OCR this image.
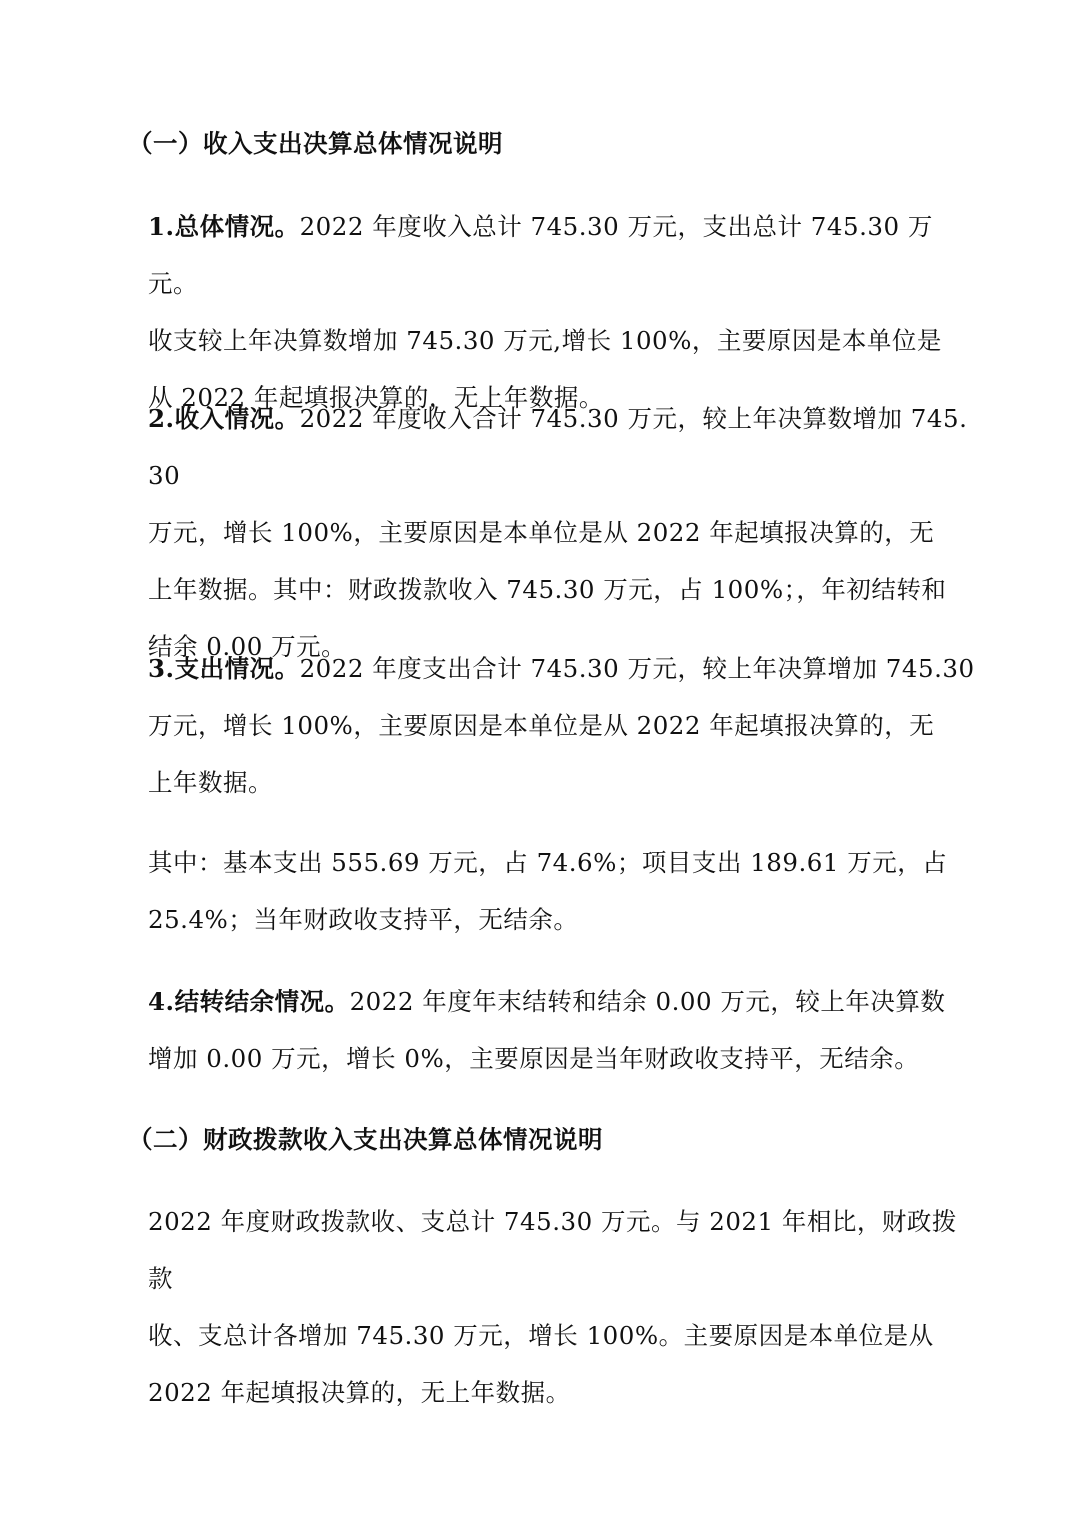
（一）收入支出决算总体情况说明

1.总体情况。2022 年度收入总计 745.30 万元，支出总计 745.30 万元。
收支较上年决算数增加 745.30 万元,增长 100%，主要原因是本单位是
从 2022 年起填报决算的，无上年数据。

2.收入情况。2022 年度收入合计 745.30 万元，较上年决算数增加 745.30
万元，增长 100%，主要原因是本单位是从 2022 年起填报决算的，无
上年数据。其中：财政拨款收入 745.30 万元，占 100%；，年初结转和
结余 0.00 万元。

3.支出情况。2022 年度支出合计 745.30 万元，较上年决算增加 745.30
万元，增长 100%，主要原因是本单位是从 2022 年起填报决算的，无
上年数据。

其中：基本支出 555.69 万元，占 74.6%；项目支出 189.61 万元，占
25.4%；当年财政收支持平，无结余。

4.结转结余情况。2022 年度年末结转和结余 0.00 万元，较上年决算数
增加 0.00 万元，增长 0%，主要原因是当年财政收支持平，无结余。

（二）财政拨款收入支出决算总体情况说明

2022 年度财政拨款收、支总计 745.30 万元。与 2021 年相比，财政拨款
收、支总计各增加 745.30 万元，增长 100%。主要原因是本单位是从
2022 年起填报决算的，无上年数据。
